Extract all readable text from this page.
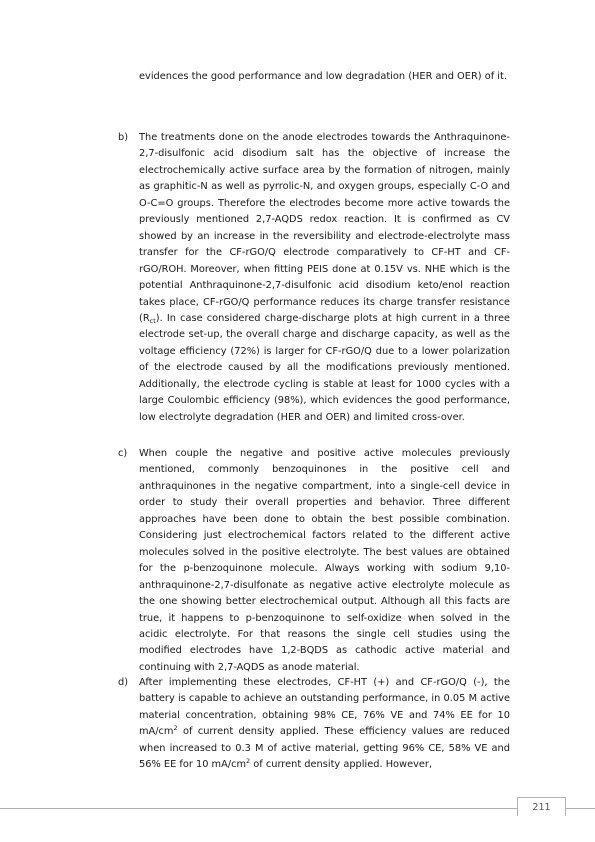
evidences the good performance and low degradation (HER and OER) of it.

b) The treatments done on the anode electrodes towards the Anthraquinone-2,7-disulfonic acid disodium salt has the objective of increase the electrochemically active surface area by the formation of nitrogen, mainly as graphitic-N as well as pyrrolic-N, and oxygen groups, especially C-O and O-C=O groups. Therefore the electrodes become more active towards the previously mentioned 2,7-AQDS redox reaction. It is confirmed as CV showed by an increase in the reversibility and electrode-electrolyte mass transfer for the CF-rGO/Q electrode comparatively to CF-HT and CF-rGO/ROH. Moreover, when fitting PEIS done at 0.15V vs. NHE which is the potential Anthraquinone-2,7-disulfonic acid disodium keto/enol reaction takes place, CF-rGO/Q performance reduces its charge transfer resistance $(R_{ct})$. In case considered charge-discharge plots at high current in a three electrode set-up, the overall charge and discharge capacity, as well as the voltage efficiency (72%) is larger for CF-rGO/Q due to a lower polarization of the electrode caused by all the modifications previously mentioned. Additionally, the electrode cycling is stable at least for 1000 cycles with a large Coulombic efficiency (98%), which evidences the good performance, low electrolyte degradation (HER and OER) and limited cross-over.

c) When couple the negative and positive active molecules previously mentioned, commonly benzoquinones in the positive cell and anthraquinones in the negative compartment, into a single-cell device in order to study their overall properties and behavior. Three different approaches have been done to obtain the best possible combination. Considering just electrochemical factors related to the different active molecules solved in the positive electrolyte. The best values are obtained for the p-benzoquinone molecule. Always working with sodium 9,10-anthraquinone-2,7-disulfonate as negative active electrolyte molecule as the one showing better electrochemical output. Although all this facts are true, it happens to p-benzoquinone to self-oxidize when solved in the acidic electrolyte. For that reasons the single cell studies using the modified electrodes have 1,2-BQDS as cathodic active material and continuing with 2,7-AQDS as anode material.

d) After implementing these electrodes, CF-HT (+) and CF-rGO/Q (-), the battery is capable to achieve an outstanding performance, in 0.05 M active material concentration, obtaining 98% CE, 76% VE and 74% EE for 10 $mA/cm^2$ of current density applied. These efficiency values are reduced when increased to 0.3 M of active material, getting 96% CE, 58% VE and 56% EE for 10 $mA/cm^2$ of current density applied. However,

211
